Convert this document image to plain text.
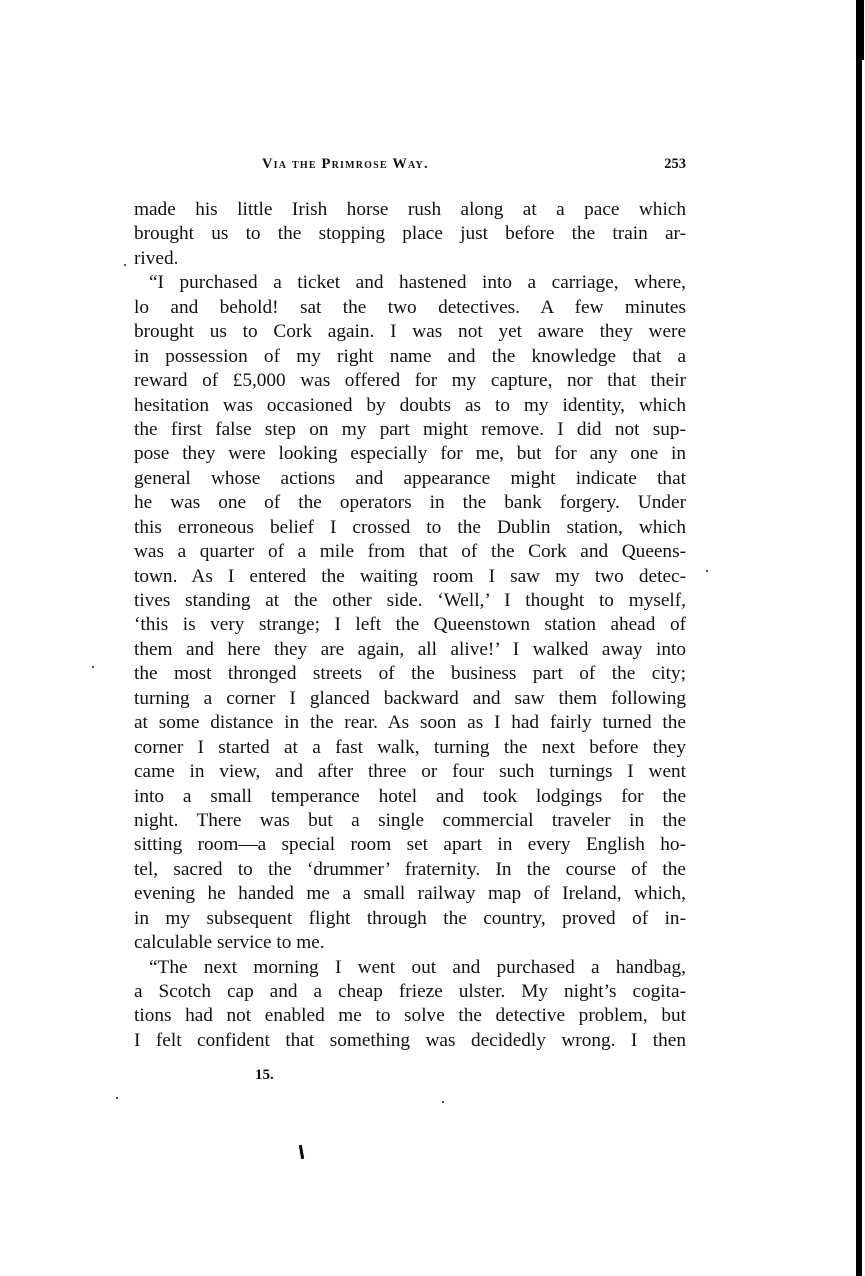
Via the Primrose Way.	253
made his little Irish horse rush along at a pace which
brought us to the stopping place just before the train ar-
rived.
“I purchased a ticket and hastened into a carriage, where,
lo and behold! sat the two detectives. A few minutes
brought us to Cork again. I was not yet aware they were
in possession of my right name and the knowledge that a
reward of £5,000 was offered for my capture, nor that their
hesitation was occasioned by doubts as to my identity, which
the first false step on my part might remove. I did not sup-
pose they were looking especially for me, but for any one in
general whose actions and appearance might indicate that
he was one of the operators in the bank forgery. Under
this erroneous belief I crossed to the Dublin station, which
was a quarter of a mile from that of the Cork and Queens-
town. As I entered the waiting room I saw my two detec-
tives standing at the other side. ‘Well,’ I thought to myself,
‘this is very strange; I left the Queenstown station ahead of
them and here they are again, all alive!’ I walked away into
the most thronged streets of the business part of the city;
turning a corner I glanced backward and saw them following
at some distance in the rear. As soon as I had fairly turned the
corner I started at a fast walk, turning the next before they
came in view, and after three or four such turnings I went
into a small temperance hotel and took lodgings for the
night. There was but a single commercial traveler in the
sitting room—a special room set apart in every English ho-
tel, sacred to the ‘drummer’ fraternity. In the course of the
evening he handed me a small railway map of Ireland, which,
in my subsequent flight through the country, proved of in-
calculable service to me.
“The next morning I went out and purchased a handbag,
a Scotch cap and a cheap frieze ulster. My night’s cogita-
tions had not enabled me to solve the detective problem, but
I felt confident that something was decidedly wrong. I then
15.
